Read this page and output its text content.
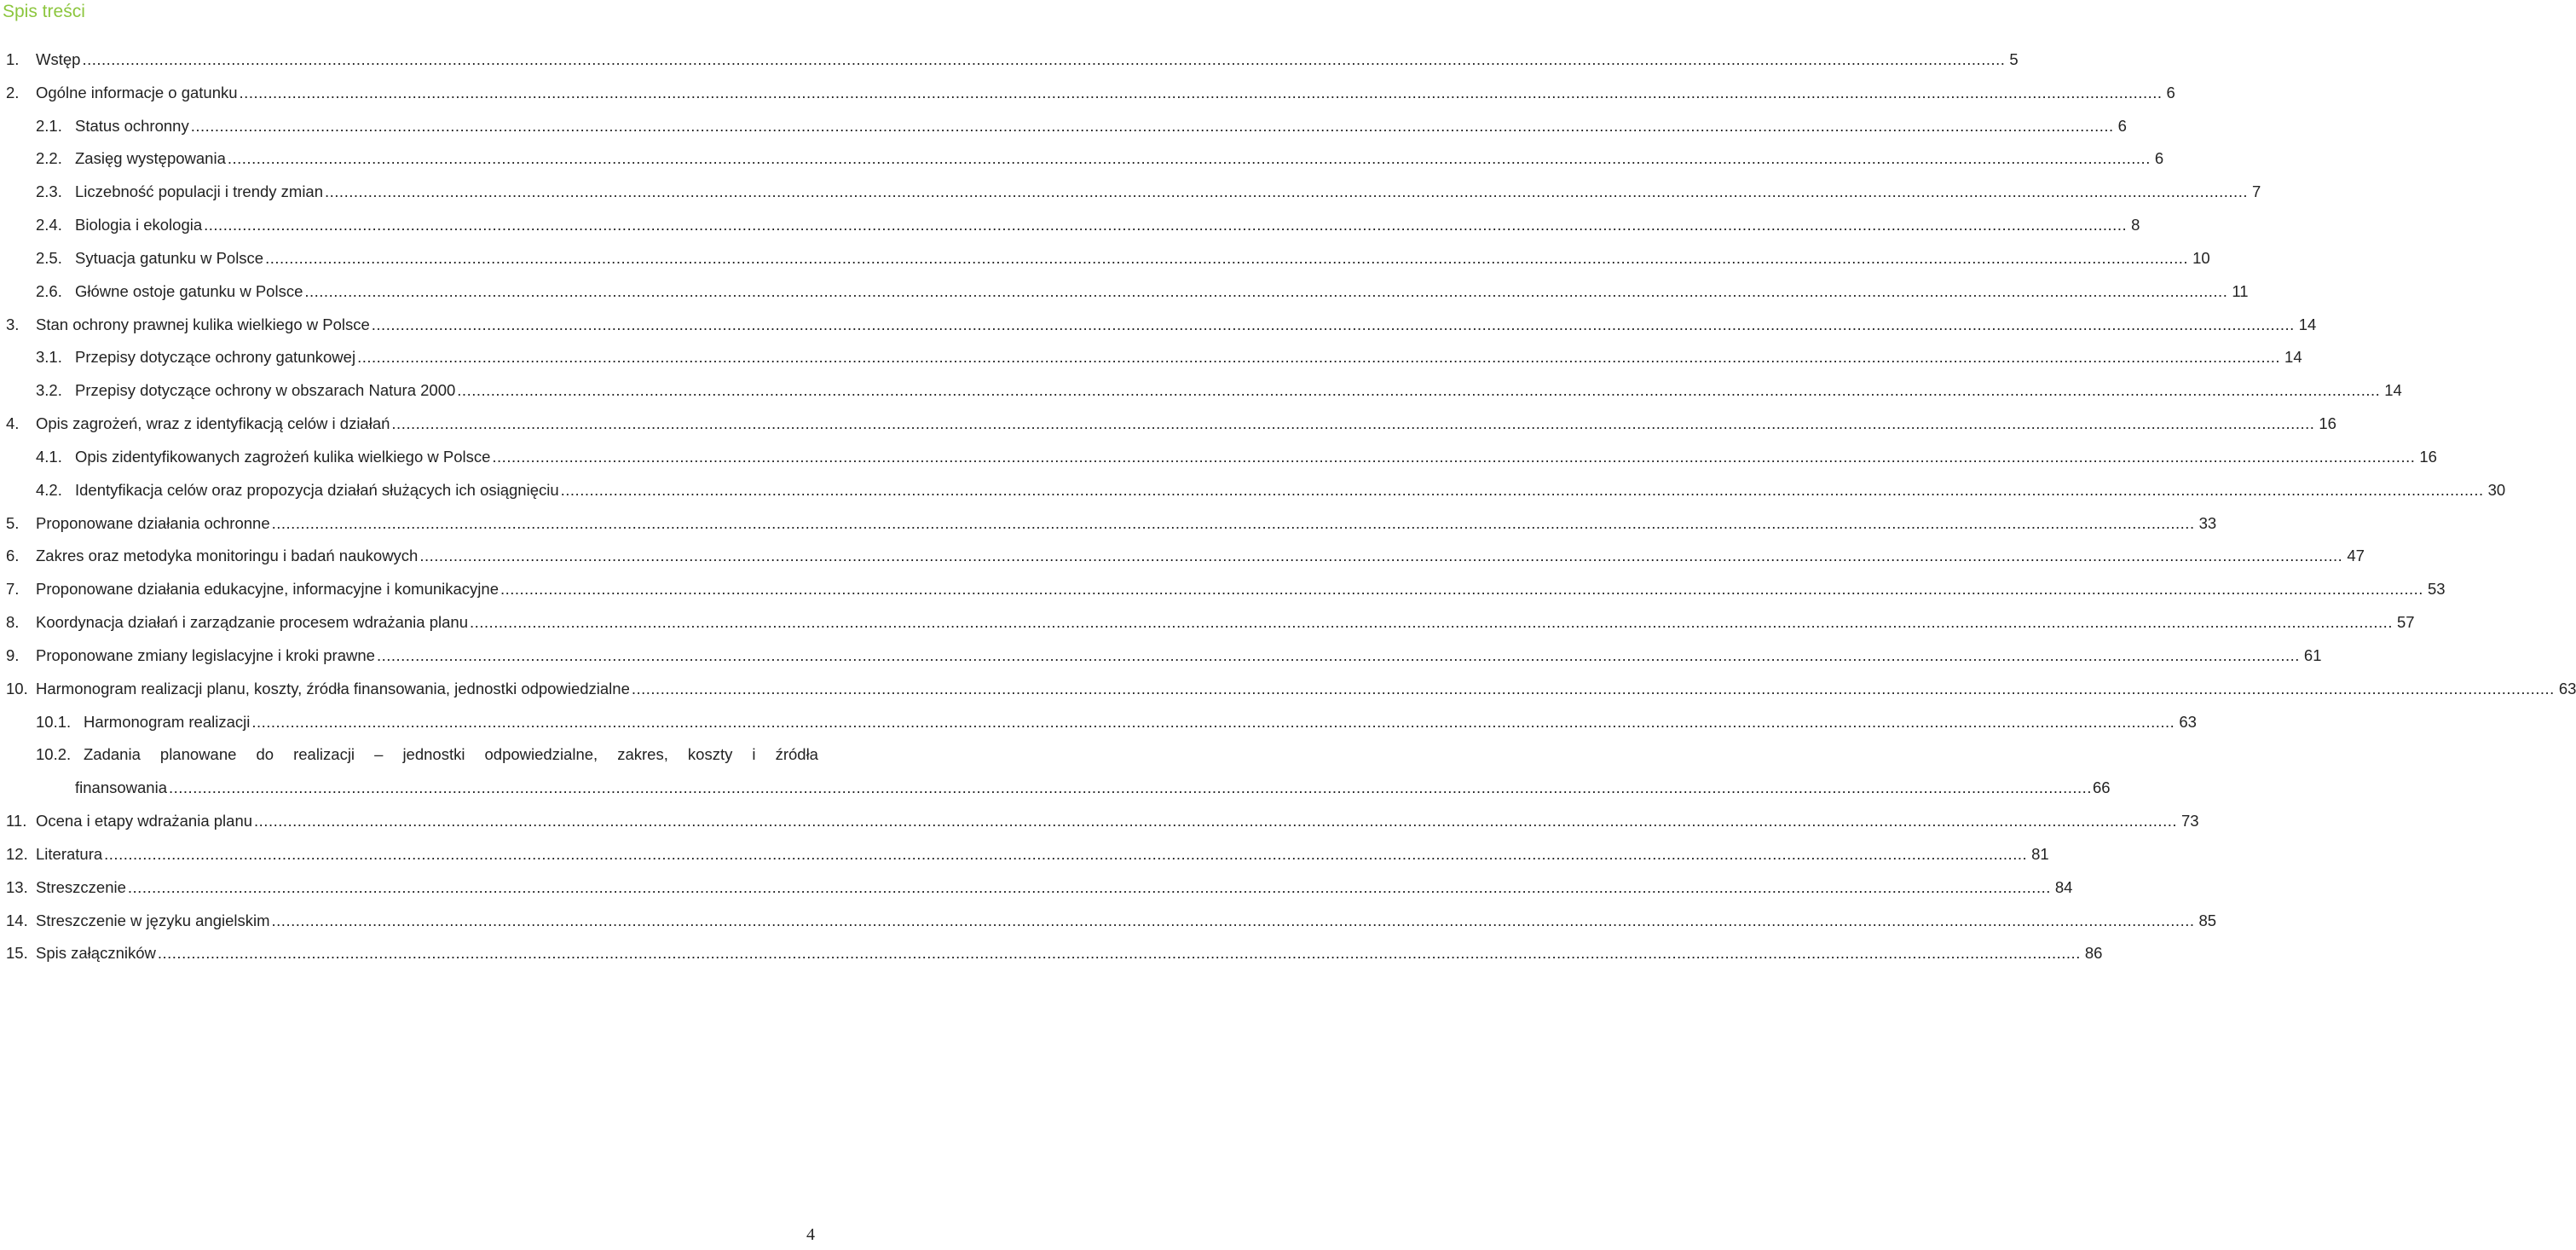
Spis treści
1. Wstęp ................................................................................................................................................................................................................................................................................................................................................................................................................ 5
2. Ogólne informacje o gatunku ................................................................................................................................................................................................................................................................................................................................................................................................................ 6
2.1. Status ochronny ................................................................................................................................................................................................................................................................................................................................................................................................................ 6
2.2. Zasięg występowania ................................................................................................................................................................................................................................................................................................................................................................................................................ 6
2.3. Liczebność populacji i trendy zmian ................................................................................................................................................................................................................................................................................................................................................................................................................ 7
2.4. Biologia i ekologia ................................................................................................................................................................................................................................................................................................................................................................................................................ 8
2.5. Sytuacja gatunku w Polsce ................................................................................................................................................................................................................................................................................................................................................................................................................ 10
2.6. Główne ostoje gatunku w Polsce ................................................................................................................................................................................................................................................................................................................................................................................................................ 11
3. Stan ochrony prawnej kulika wielkiego w Polsce ................................................................................................................................................................................................................................................................................................................................................................................................................ 14
3.1. Przepisy dotyczące ochrony gatunkowej ................................................................................................................................................................................................................................................................................................................................................................................................................ 14
3.2. Przepisy dotyczące ochrony w obszarach Natura 2000 ................................................................................................................................................................................................................................................................................................................................................................................................................ 14
4. Opis zagrożeń, wraz z identyfikacją celów i działań ................................................................................................................................................................................................................................................................................................................................................................................................................ 16
4.1. Opis zidentyfikowanych zagrożeń kulika wielkiego w Polsce ................................................................................................................................................................................................................................................................................................................................................................................................................ 16
4.2. Identyfikacja celów oraz propozycja działań służących ich osiągnięciu ................................................................................................................................................................................................................................................................................................................................................................................................................ 30
5. Proponowane działania ochronne ................................................................................................................................................................................................................................................................................................................................................................................................................ 33
6. Zakres oraz metodyka monitoringu i badań naukowych ................................................................................................................................................................................................................................................................................................................................................................................................................ 47
7. Proponowane działania edukacyjne, informacyjne i komunikacyjne ................................................................................................................................................................................................................................................................................................................................................................................................................ 53
8. Koordynacja działań i zarządzanie procesem wdrażania planu ................................................................................................................................................................................................................................................................................................................................................................................................................ 57
9. Proponowane zmiany legislacyjne i kroki prawne ................................................................................................................................................................................................................................................................................................................................................................................................................ 61
10. Harmonogram realizacji planu, koszty, źródła finansowania, jednostki odpowiedzialne ................................................................................................................................................................................................................................................................................................................................................................................................................ 63
10.1. Harmonogram realizacji ................................................................................................................................................................................................................................................................................................................................................................................................................ 63
10.2. Zadania planowane do realizacji – jednostki odpowiedzialne, zakres, koszty i źródła
finansowania ................................................................................................................................................................................................................................................................................................................................................................................................................ 66
11. Ocena i etapy wdrażania planu ................................................................................................................................................................................................................................................................................................................................................................................................................ 73
12. Literatura ................................................................................................................................................................................................................................................................................................................................................................................................................ 81
13. Streszczenie ................................................................................................................................................................................................................................................................................................................................................................................................................ 84
14. Streszczenie w języku angielskim ................................................................................................................................................................................................................................................................................................................................................................................................................ 85
15. Spis załączników ................................................................................................................................................................................................................................................................................................................................................................................................................ 86
4
